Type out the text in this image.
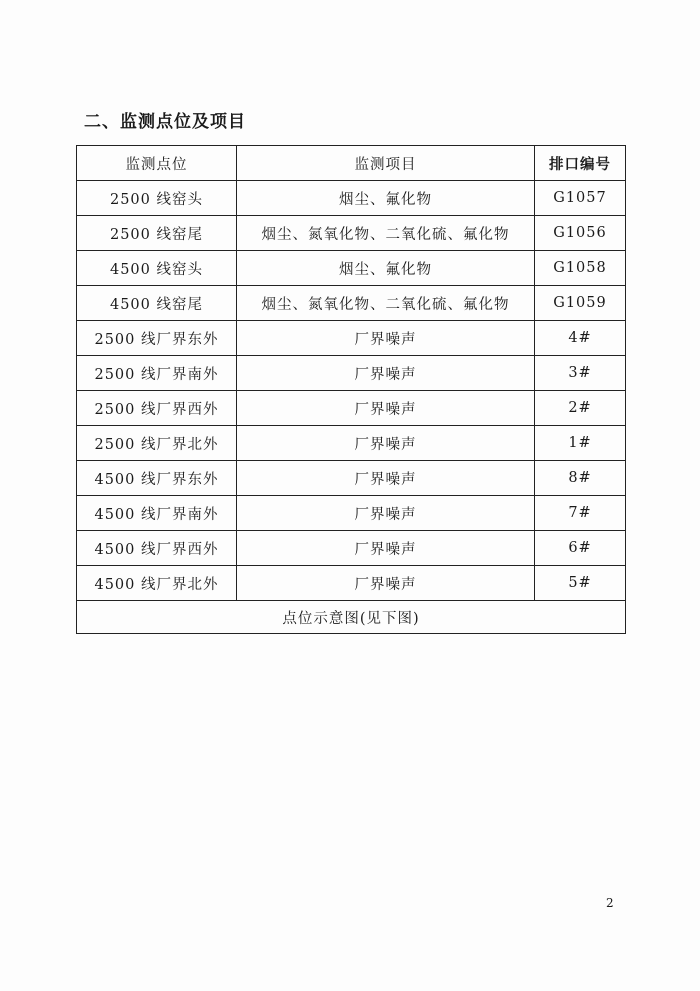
二、监测点位及项目
监测点位	监测项目	排口编号
2500 线窑头	烟尘、氟化物	G1057
2500 线窑尾	烟尘、氮氧化物、二氧化硫、氟化物	G1056
4500 线窑头	烟尘、氟化物	G1058
4500 线窑尾	烟尘、氮氧化物、二氧化硫、氟化物	G1059
2500 线厂界东外	厂界噪声	4#
2500 线厂界南外	厂界噪声	3#
2500 线厂界西外	厂界噪声	2#
2500 线厂界北外	厂界噪声	1#
4500 线厂界东外	厂界噪声	8#
4500 线厂界南外	厂界噪声	7#
4500 线厂界西外	厂界噪声	6#
4500 线厂界北外	厂界噪声	5#
点位示意图(见下图)		
2
